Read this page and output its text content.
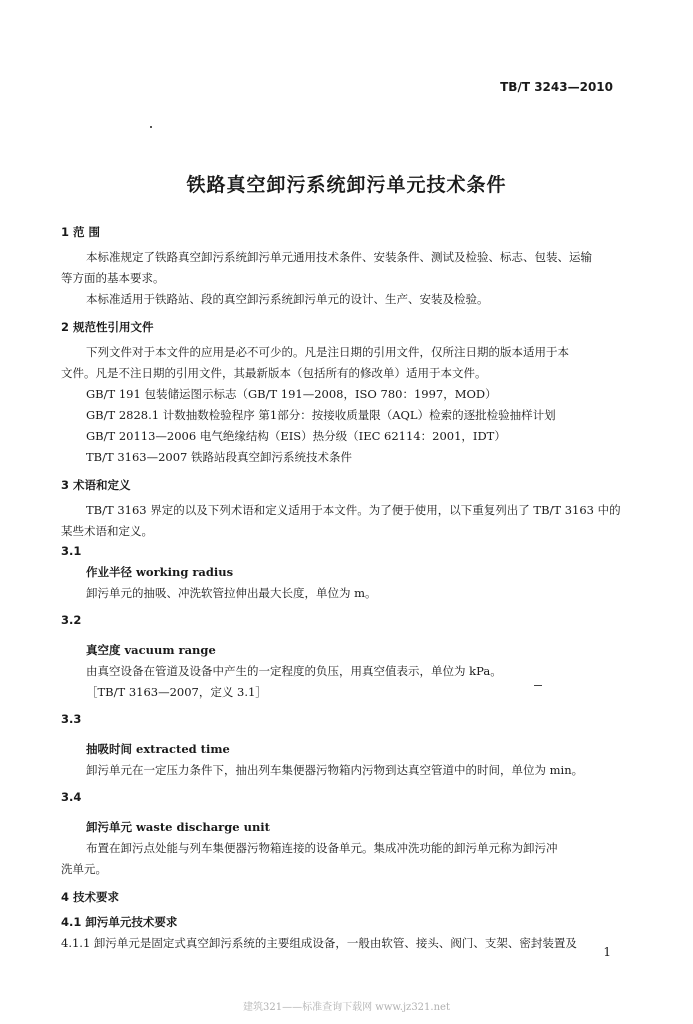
TB/T 3243—2010
铁路真空卸污系统卸污单元技术条件
1 范 围
本标准规定了铁路真空卸污系统卸污单元通用技术条件、安装条件、测试及检验、标志、包装、运输
等方面的基本要求。
本标准适用于铁路站、段的真空卸污系统卸污单元的设计、生产、安装及检验。
2 规范性引用文件
下列文件对于本文件的应用是必不可少的。凡是注日期的引用文件，仅所注日期的版本适用于本
文件。凡是不注日期的引用文件，其最新版本（包括所有的修改单）适用于本文件。
GB/T 191 包装储运图示标志（GB/T 191—2008，ISO 780：1997，MOD）
GB/T 2828.1 计数抽数检验程序 第1部分：按接收质量限（AQL）检索的逐批检验抽样计划
GB/T 20113—2006 电气绝缘结构（EIS）热分级（IEC 62114：2001，IDT）
TB/T 3163—2007 铁路站段真空卸污系统技术条件
3 术语和定义
TB/T 3163 界定的以及下列术语和定义适用于本文件。为了便于使用，以下重复列出了 TB/T 3163 中的
某些术语和定义。
3.1
作业半径 working radius
卸污单元的抽吸、冲洗软管拉伸出最大长度，单位为 m。
3.2
真空度 vacuum range
由真空设备在管道及设备中产生的一定程度的负压，用真空值表示，单位为 kPa。
［TB/T 3163—2007，定义 3.1］
3.3
抽吸时间 extracted time
卸污单元在一定压力条件下，抽出列车集便器污物箱内污物到达真空管道中的时间，单位为 min。
3.4
卸污单元 waste discharge unit
布置在卸污点处能与列车集便器污物箱连接的设备单元。集成冲洗功能的卸污单元称为卸污冲
洗单元。
4 技术要求
4.1 卸污单元技术要求
4.1.1 卸污单元是固定式真空卸污系统的主要组成设备，一般由软管、接头、阀门、支架、密封装置及
1
建筑321——标准查询下载网 www.jz321.net
